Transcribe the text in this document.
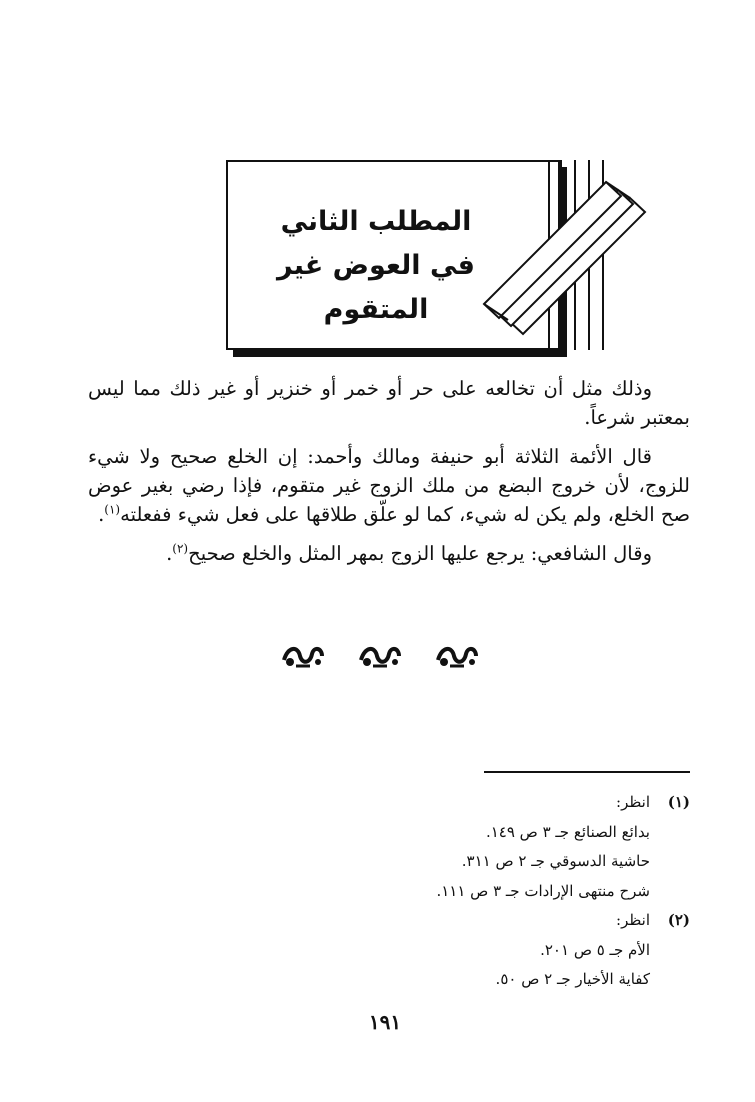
المطلب الثاني
في العوض غير المتقوم

وذلك مثل أن تخالعه على حر أو خمر أو خنزير أو غير ذلك مما ليس بمعتبر شرعاً.

قال الأئمة الثلاثة أبو حنيفة ومالك وأحمد: إن الخلع صحيح ولا شيء للزوج، لأن خروج البضع من ملك الزوج غير متقوم، فإذا رضي بغير عوض صح الخلع، ولم يكن له شيء، كما لو علّق طلاقها على فعل شيء ففعلته$^{(١)}$.

وقال الشافعي: يرجع عليها الزوج بمهر المثل والخلع صحيح$^{(٢)}$.

(١)انظر:
بدائع الصنائع جـ ٣ ص ١٤٩.
حاشية الدسوقي جـ ٢ ص ٣١١.
شرح منتهى الإرادات جـ ٣ ص ١١١.
(٢)انظر:
الأم جـ ٥ ص ٢٠١.
كفاية الأخيار جـ ٢ ص ٥٠.
١٩١
